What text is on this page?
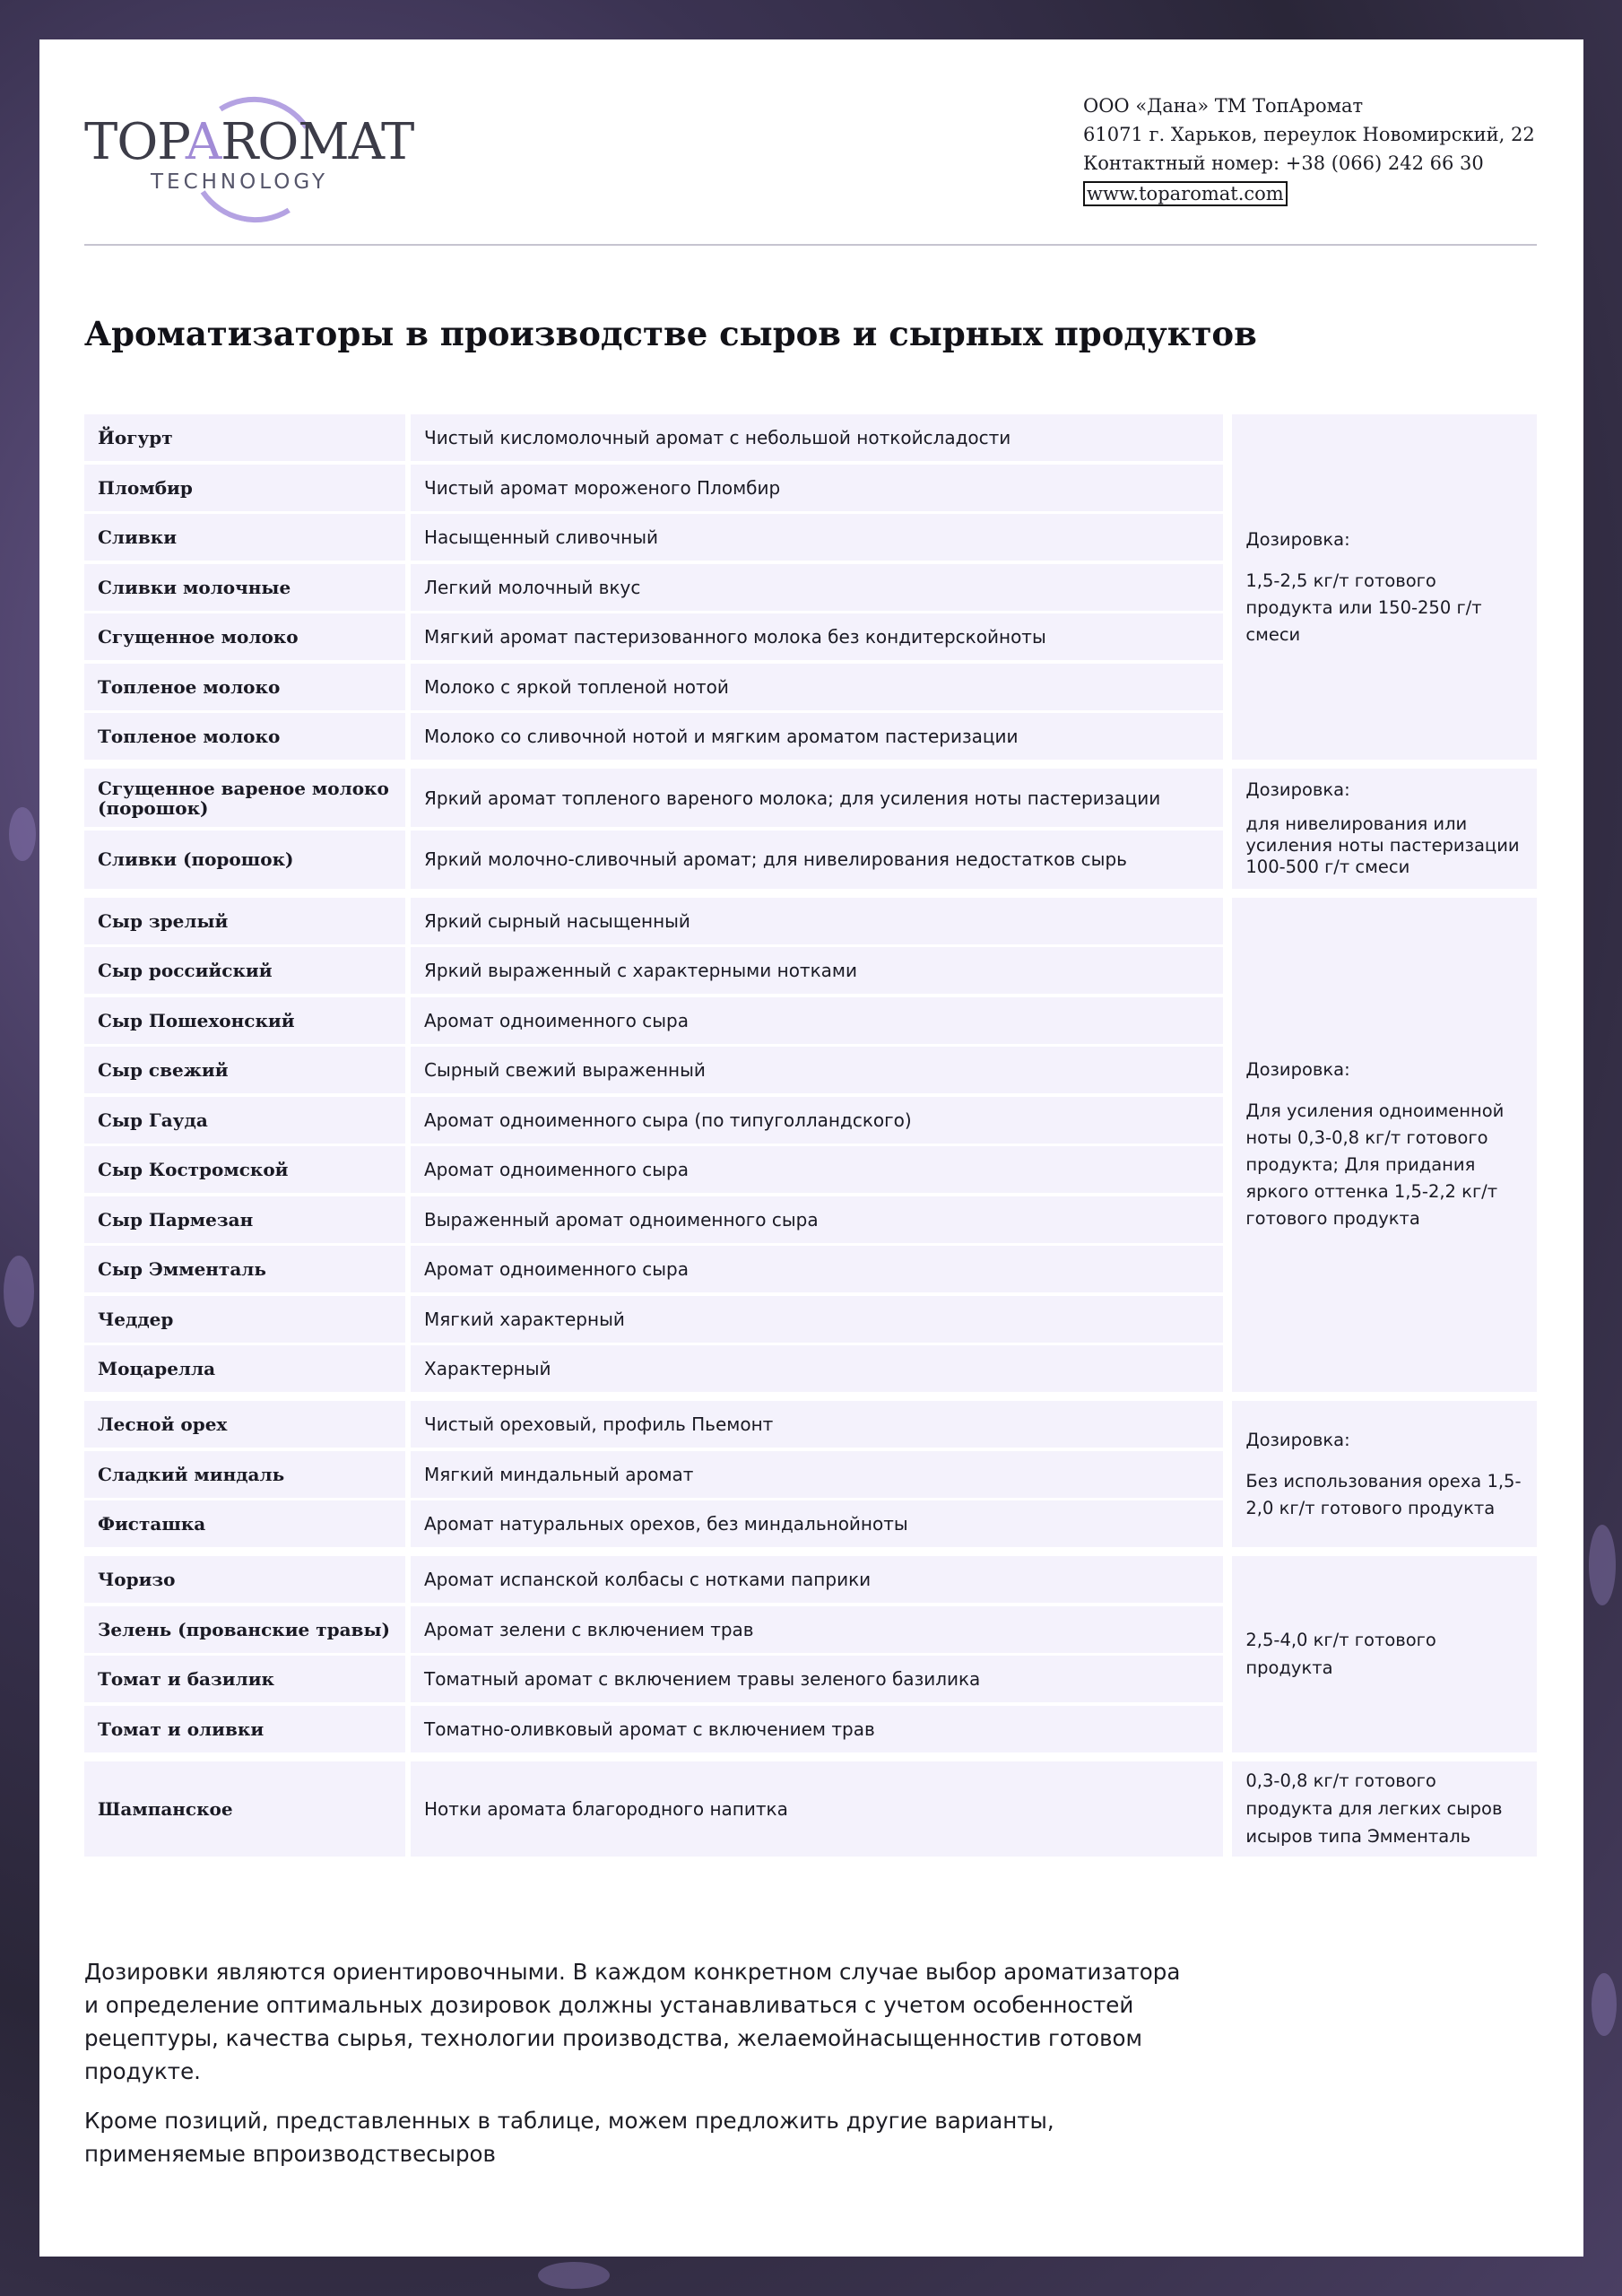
TOPAROMAT
TECHNOLOGY
ООО «Дана» ТМ ТопАромат
61071 г. Харьков, переулок Новомирский, 22
Контактный номер: +38 (066) 242 66 30
www.toparomat.com
Ароматизаторы в производстве сыров и сырных продуктов
Йогурт	Чистый кисломолочный аромат с небольшой ноткойсладости
Пломбир	Чистый аромат мороженого Пломбир
Сливки	Насыщенный сливочный
Сливки молочные	Легкий молочный вкус
Сгущенное молоко	Мягкий аромат пастеризованного молока без кондитерскойноты
Топленое молоко	Молоко с яркой топленой нотой
Топленое молоко	Молоко со сливочной нотой и мягким ароматом пастеризации
Дозировка:
1,5-2,5 кг/т готового продукта или 150-250 г/т смеси
Сгущенное вареное молоко (порошок)	Яркий аромат топленого вареного молока; для усиления ноты пастеризации
Сливки (порошок)	Яркий молочно-сливочный аромат; для нивелирования недостатков сырь
Дозировка:
для нивелирования или усиления ноты пастеризации 100-500 г/т смеси
Сыр зрелый	Яркий сырный насыщенный
Сыр российский	Яркий выраженный с характерными нотками
Сыр Пошехонский	Аромат одноименного сыра
Сыр свежий	Сырный свежий выраженный
Сыр Гауда	Аромат одноименного сыра (по типуголландского)
Сыр Костромской	Аромат одноименного сыра
Сыр Пармезан	Выраженный аромат одноименного сыра
Сыр Эмменталь	Аромат одноименного сыра
Чеддер	Мягкий характерный
Моцарелла	Характерный
Дозировка:
Для усиления одноименной ноты 0,3-0,8 кг/т готового продукта; Для придания яркого оттенка 1,5-2,2 кг/т готового продукта
Лесной орех	Чистый ореховый, профиль Пьемонт
Сладкий миндаль	Мягкий миндальный аромат
Фисташка	Аромат натуральных орехов, без миндальнойноты
Дозировка:
Без использования ореха 1,5-2,0 кг/т готового продукта
Чоризо	Аромат испанской колбасы с нотками паприки
Зелень (прованские травы)	Аромат зелени с включением трав
Томат и базилик	Томатный аромат с включением травы зеленого базилика
Томат и оливки	Томатно-оливковый аромат с включением трав
2,5-4,0 кг/т готового продукта
Шампанское	Нотки аромата благородного напитка
0,3-0,8 кг/т готового продукта для легких сыров исыров типа Эмменталь

Дозировки являются ориентировочными. В каждом конкретном случае выбор ароматизатора и определение оптимальных дозировок должны устанавливаться с учетом особенностей рецептуры, качества сырья, технологии производства, желаемойнасыщенностив готовом продукте.

Кроме позиций, представленных в таблице, можем предложить другие варианты, применяемые впроизводствесыров
